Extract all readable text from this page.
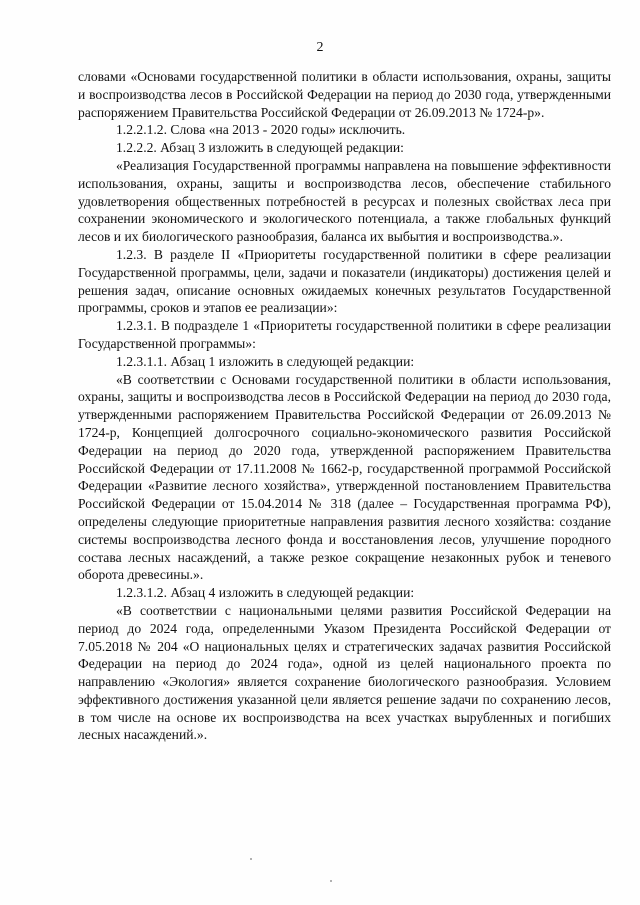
2

словами «Основами государственной политики в области использования, охраны, защиты и воспроизводства лесов в Российской Федерации на период до 2030 года, утвержденными распоряжением Правительства Российской Федерации от 26.09.2013 № 1724-р».

1.2.2.1.2. Слова «на 2013 - 2020 годы» исключить.

1.2.2.2. Абзац 3 изложить в следующей редакции:

«Реализация Государственной программы направлена на повышение эффективности использования, охраны, защиты и воспроизводства лесов, обеспечение стабильного удовлетворения общественных потребностей в ресурсах и полезных свойствах леса при сохранении экономического и экологического потенциала, а также глобальных функций лесов и их биологического разнообразия, баланса их выбытия и воспроизводства.».

1.2.3. В разделе II «Приоритеты государственной политики в сфере реализации Государственной программы, цели, задачи и показатели (индикаторы) достижения целей и решения задач, описание основных ожидаемых конечных результатов Государственной программы, сроков и этапов ее реализации»:

1.2.3.1. В подразделе 1 «Приоритеты государственной политики в сфере реализации Государственной программы»:

1.2.3.1.1. Абзац 1 изложить в следующей редакции:

«В соответствии с Основами государственной политики в области использования, охраны, защиты и воспроизводства лесов в Российской Федерации на период до 2030 года, утвержденными распоряжением Правительства Российской Федерации от 26.09.2013 № 1724-р, Концепцией долгосрочного социально-экономического развития Российской Федерации на период до 2020 года, утвержденной распоряжением Правительства Российской Федерации от 17.11.2008 № 1662-р, государственной программой Российской Федерации «Развитие лесного хозяйства», утвержденной постановлением Правительства Российской Федерации от 15.04.2014 № 318 (далее – Государственная программа РФ), определены следующие приоритетные направления развития лесного хозяйства: создание системы воспроизводства лесного фонда и восстановления лесов, улучшение породного состава лесных насаждений, а также резкое сокращение незаконных рубок и теневого оборота древесины.».

1.2.3.1.2. Абзац 4 изложить в следующей редакции:

«В соответствии с национальными целями развития Российской Федерации на период до 2024 года, определенными Указом Президента Российской Федерации от 7.05.2018 № 204 «О национальных целях и стратегических задачах развития Российской Федерации на период до 2024 года», одной из целей национального проекта по направлению «Экология» является сохранение биологического разнообразия. Условием эффективного достижения указанной цели является решение задачи по сохранению лесов, в том числе на основе их воспроизводства на всех участках вырубленных и погибших лесных насаждений.».
